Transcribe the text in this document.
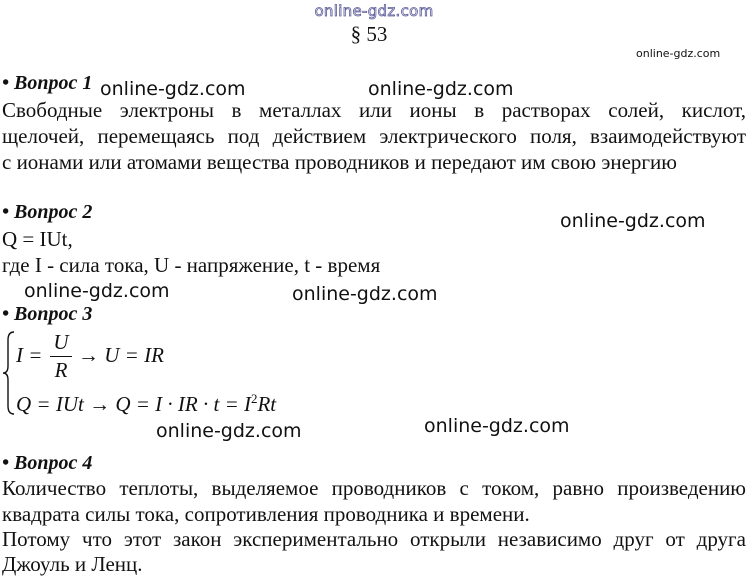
online-gdz.com
§ 53
online-gdz.com
• Вопрос 1
Свободные электроны в металлах или ионы в растворах солей, кислот,
щелочей, перемещаясь под действием электрического поля, взаимодействуют
с ионами или атомами вещества проводников и передают им свою энергию
• Вопрос 2
Q = IUt,
где I - сила тока, U - напряжение, t - время
• Вопрос 3
I =
U
R
→ U = IR
Q = IUt → Q = I · IR · $t = I^2Rt$
• Вопрос 4
Количество теплоты, выделяемое проводников с током, равно произведению
квадрата силы тока, сопротивления проводника и времени.
Потому что этот закон экспериментально открыли независимо друг от друга
Джоуль и Ленц.
online-gdz.com	online-gdz.com
online-gdz.com
online-gdz.com	online-gdz.com
online-gdz.com	online-gdz.com
